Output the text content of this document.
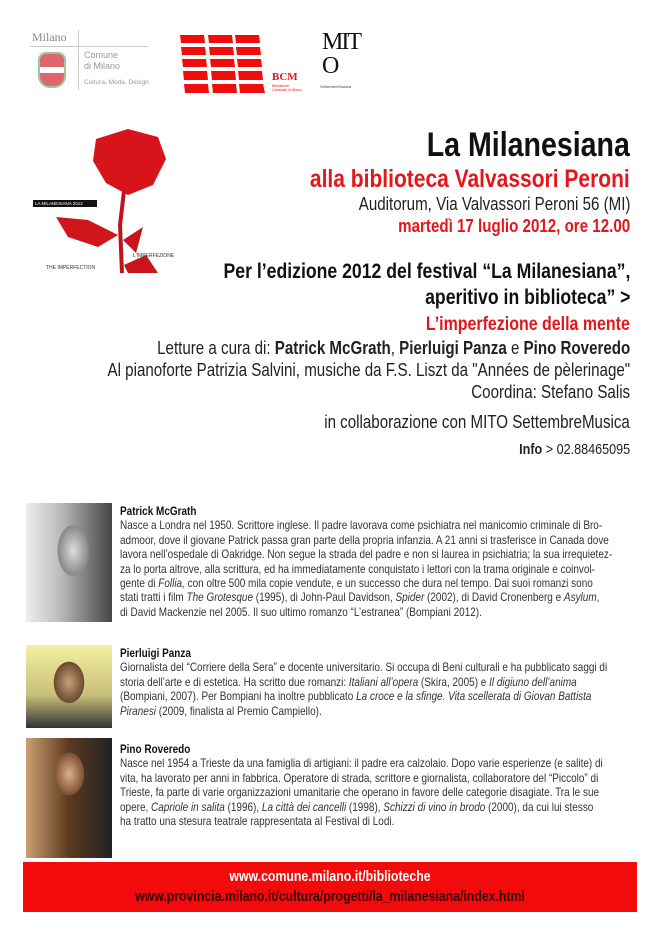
Milano
Comune
di Milano
Cultura, Moda, Design	BCM
Biblioteche Comunali di Milano
MITO
SettembreMusica
LA MILANESIANA 2012
L'IMPERFEZIONE
THE IMPERFECTION
La Milanesiana
alla biblioteca Valvassori Peroni
Auditorum, Via Valvassori Peroni 56 (MI)
martedì 17 luglio 2012, ore 12.00
Per l’edizione 2012 del festival “La Milanesiana”,
aperitivo in biblioteca” >
L’imperfezione della mente
Letture a cura di: Patrick McGrath, Pierluigi Panza e Pino Roveredo
Al pianoforte Patrizia Salvini, musiche da F.S. Liszt da "Années de pèlerinage"
Coordina: Stefano Salis
in collaborazione con MITO SettembreMusica
Info > 02.88465095
Patrick McGrath
Nasce a Londra nel 1950. Scrittore inglese. Il padre lavorava come psichiatra nel manicomio criminale di Bro-
admoor, dove il giovane Patrick passa gran parte della propria infanzia. A 21 anni si trasferisce in Canada dove
lavora nell’ospedale di Oakridge. Non segue la strada del padre e non si laurea in psichiatria; la sua irrequietez-
za lo porta altrove, alla scrittura, ed ha immediatamente conquistato i lettori con la trama originale e coinvol-
gente di Follia, con oltre 500 mila copie vendute, e un successo che dura nel tempo. Dai suoi romanzi sono
stati tratti i film The Grotesque (1995), di John-Paul Davidson, Spider (2002), di David Cronenberg e Asylum,
di David Mackenzie nel 2005. Il suo ultimo romanzo “L’estranea” (Bompiani 2012).
Pierluigi Panza
Giornalista del “Corriere della Sera” e docente universitario. Si occupa di Beni culturali e ha pubblicato saggi di
storia dell’arte e di estetica. Ha scritto due romanzi: Italiani all’opera (Skira, 2005) e Il digiuno dell’anima
(Bompiani, 2007). Per Bompiani ha inoltre pubblicato La croce e la sfinge. Vita scellerata di Giovan Battista
Piranesi (2009, finalista al Premio Campiello).
Pino Roveredo
Nasce nel 1954 a Trieste da una famiglia di artigiani: il padre era calzolaio. Dopo varie esperienze (e salite) di
vita, ha lavorato per anni in fabbrica. Operatore di strada, scrittore e giornalista, collaboratore del “Piccolo” di
Trieste, fa parte di varie organizzazioni umanitarie che operano in favore delle categorie disagiate. Tra le sue
opere, Capriole in salita (1996), La città dei cancelli (1998), Schizzi di vino in brodo (2000), da cui lui stesso
ha tratto una stesura teatrale rappresentata al Festival di Lodi.
www.comune.milano.it/biblioteche
www.provincia.milano.it/cultura/progetti/la_milanesiana/index.html
